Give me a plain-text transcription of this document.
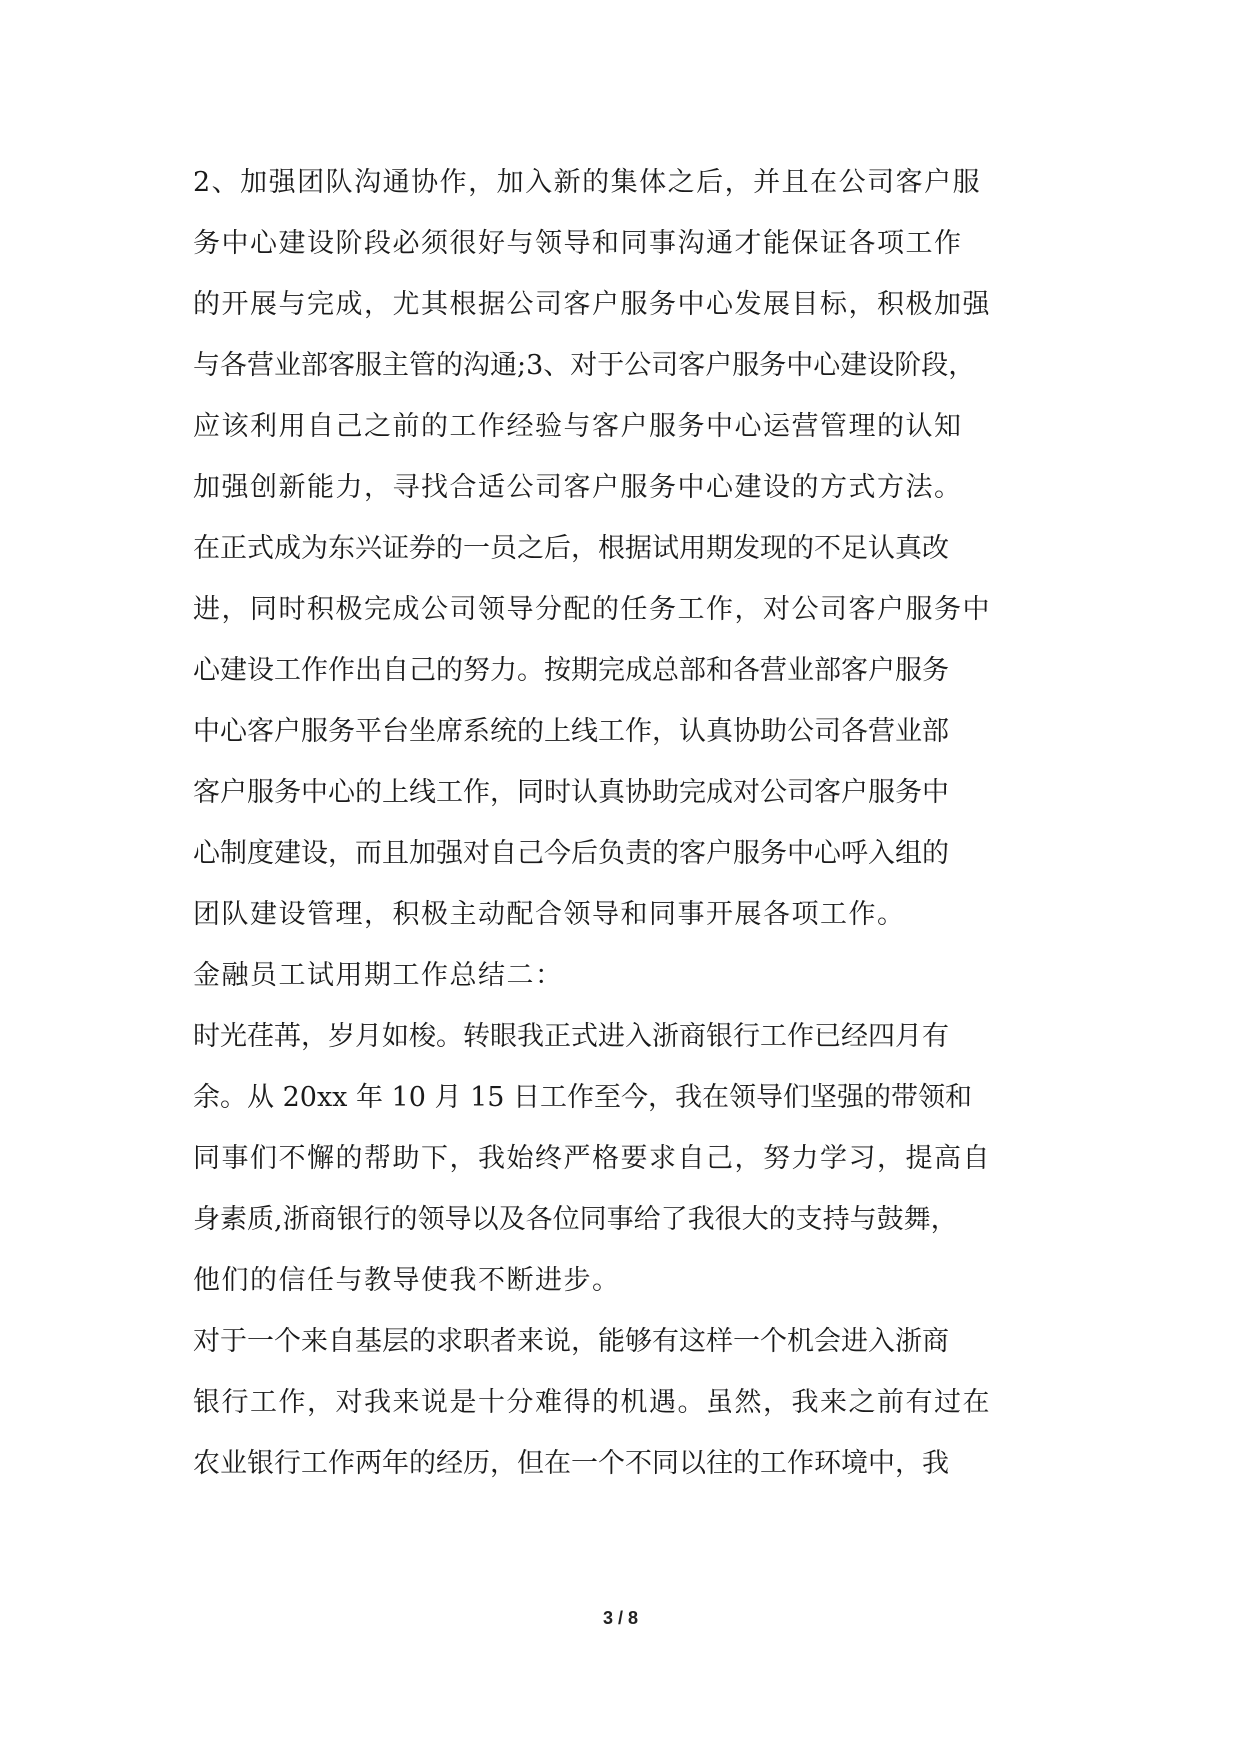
2、加强团队沟通协作，加入新的集体之后，并且在公司客户服
务中心建设阶段必须很好与领导和同事沟通才能保证各项工作
的开展与完成，尤其根据公司客户服务中心发展目标，积极加强
与各营业部客服主管的沟通;3、对于公司客户服务中心建设阶段，
应该利用自己之前的工作经验与客户服务中心运营管理的认知
加强创新能力，寻找合适公司客户服务中心建设的方式方法。
在正式成为东兴证券的一员之后，根据试用期发现的不足认真改
进，同时积极完成公司领导分配的任务工作，对公司客户服务中
心建设工作作出自己的努力。按期完成总部和各营业部客户服务
中心客户服务平台坐席系统的上线工作，认真协助公司各营业部
客户服务中心的上线工作，同时认真协助完成对公司客户服务中
心制度建设，而且加强对自己今后负责的客户服务中心呼入组的
团队建设管理，积极主动配合领导和同事开展各项工作。
金融员工试用期工作总结二：
时光荏苒，岁月如梭。转眼我正式进入浙商银行工作已经四月有
余。从 20xx 年 10 月 15 日工作至今，我在领导们坚强的带领和
同事们不懈的帮助下，我始终严格要求自己，努力学习，提高自
身素质,浙商银行的领导以及各位同事给了我很大的支持与鼓舞，
他们的信任与教导使我不断进步。
对于一个来自基层的求职者来说，能够有这样一个机会进入浙商
银行工作，对我来说是十分难得的机遇。虽然，我来之前有过在
农业银行工作两年的经历，但在一个不同以往的工作环境中，我
3 / 8
